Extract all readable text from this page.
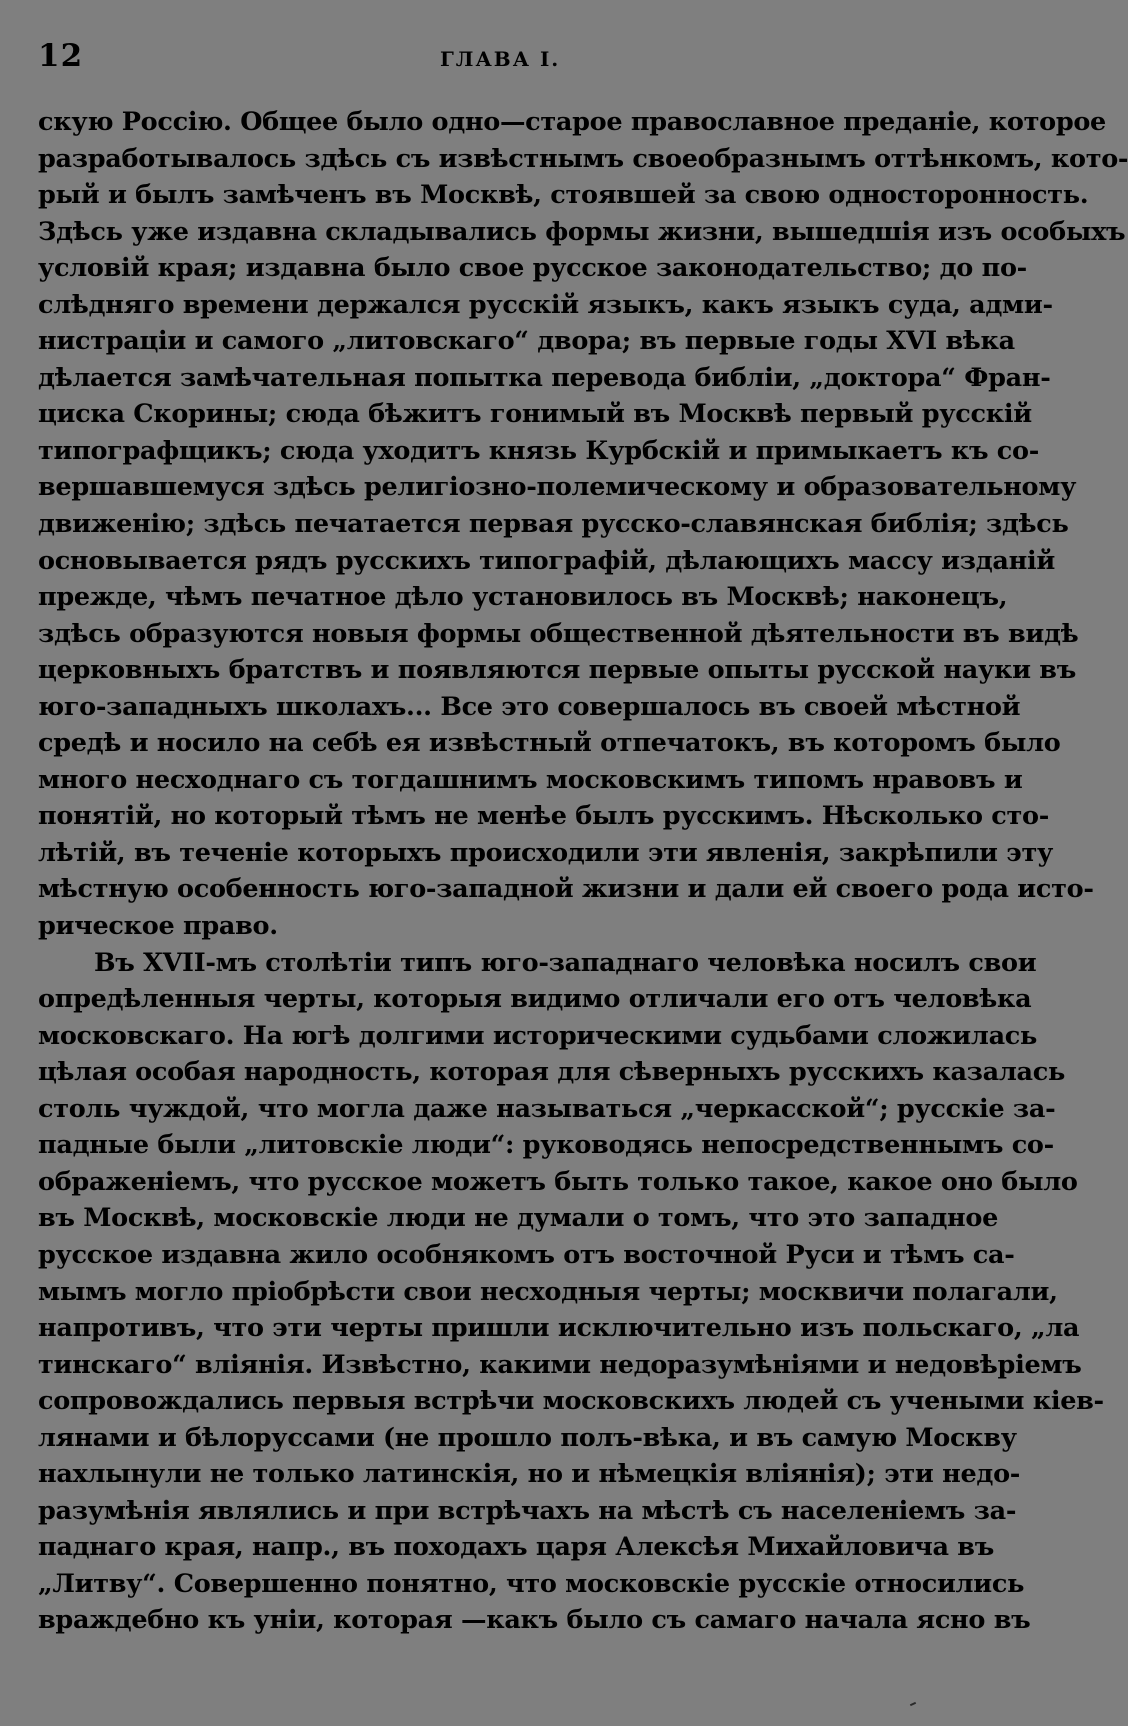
12	ГЛАВА I.
скую Россію. Общее было одно—старое православное преданіе, которое
разработывалось здѣсь съ извѣстнымъ своеобразнымъ оттѣнкомъ, кото-
рый и былъ замѣченъ въ Москвѣ, стоявшей за свою односторонность.
Здѣсь уже издавна складывались формы жизни, вышедшія изъ особыхъ
условій края; издавна было свое русское законодательство; до по-
слѣдняго времени держался русскій языкъ, какъ языкъ суда, адми-
нистраціи и самого „литовскаго“ двора; въ первые годы XVI вѣка
дѣлается замѣчательная попытка перевода библіи, „доктора“ Фран-
циска Скорины; сюда бѣжитъ гонимый въ Москвѣ первый русскій
типографщикъ; сюда уходитъ князь Курбскій и примыкаетъ къ со-
вершавшемуся здѣсь религіозно-полемическому и образовательному
движенію; здѣсь печатается первая русско-славянская библія; здѣсь
основывается рядъ русскихъ типографій, дѣлающихъ массу изданій
прежде, чѣмъ печатное дѣло установилось въ Москвѣ; наконецъ,
здѣсь образуются новыя формы общественной дѣятельности въ видѣ
церковныхъ братствъ и появляются первые опыты русской науки въ
юго-западныхъ школахъ... Все это совершалось въ своей мѣстной
средѣ и носило на себѣ ея извѣстный отпечатокъ, въ которомъ было
много несходнаго съ тогдашнимъ московскимъ типомъ нравовъ и
понятій, но который тѣмъ не менѣе былъ русскимъ. Нѣсколько сто-
лѣтій, въ теченіе которыхъ происходили эти явленія, закрѣпили эту
мѣстную особенность юго-западной жизни и дали ей своего рода исто-
рическое право.
Въ XVII-мъ столѣтіи типъ юго-западнаго человѣка носилъ свои
опредѣленныя черты, которыя видимо отличали его отъ человѣка
московскаго. На югѣ долгими историческими судьбами сложилась
цѣлая особая народность, которая для сѣверныхъ русскихъ казалась
столь чуждой, что могла даже называться „черкасской“; русскіе за-
падные были „литовскіе люди“: руководясь непосредственнымъ со-
ображеніемъ, что русское можетъ быть только такое, какое оно было
въ Москвѣ, московскіе люди не думали о томъ, что это западное
русское издавна жило особнякомъ отъ восточной Руси и тѣмъ са-
мымъ могло пріобрѣсти свои несходныя черты; москвичи полагали,
напротивъ, что эти черты пришли исключительно изъ польскаго, „ла
тинскаго“ вліянія. Извѣстно, какими недоразумѣніями и недовѣріемъ
сопровождались первыя встрѣчи московскихъ людей съ учеными кіев-
лянами и бѣлоруссами (не прошло полъ-вѣка, и въ самую Москву
нахлынули не только латинскія, но и нѣмецкія вліянія); эти недо-
разумѣнія являлись и при встрѣчахъ на мѣстѣ съ населеніемъ за-
паднаго края, напр., въ походахъ царя Алексѣя Михайловича въ
„Литву“. Совершенно понятно, что московскіе русскіе относились
враждебно къ уніи, которая —какъ было съ самаго начала ясно въ
